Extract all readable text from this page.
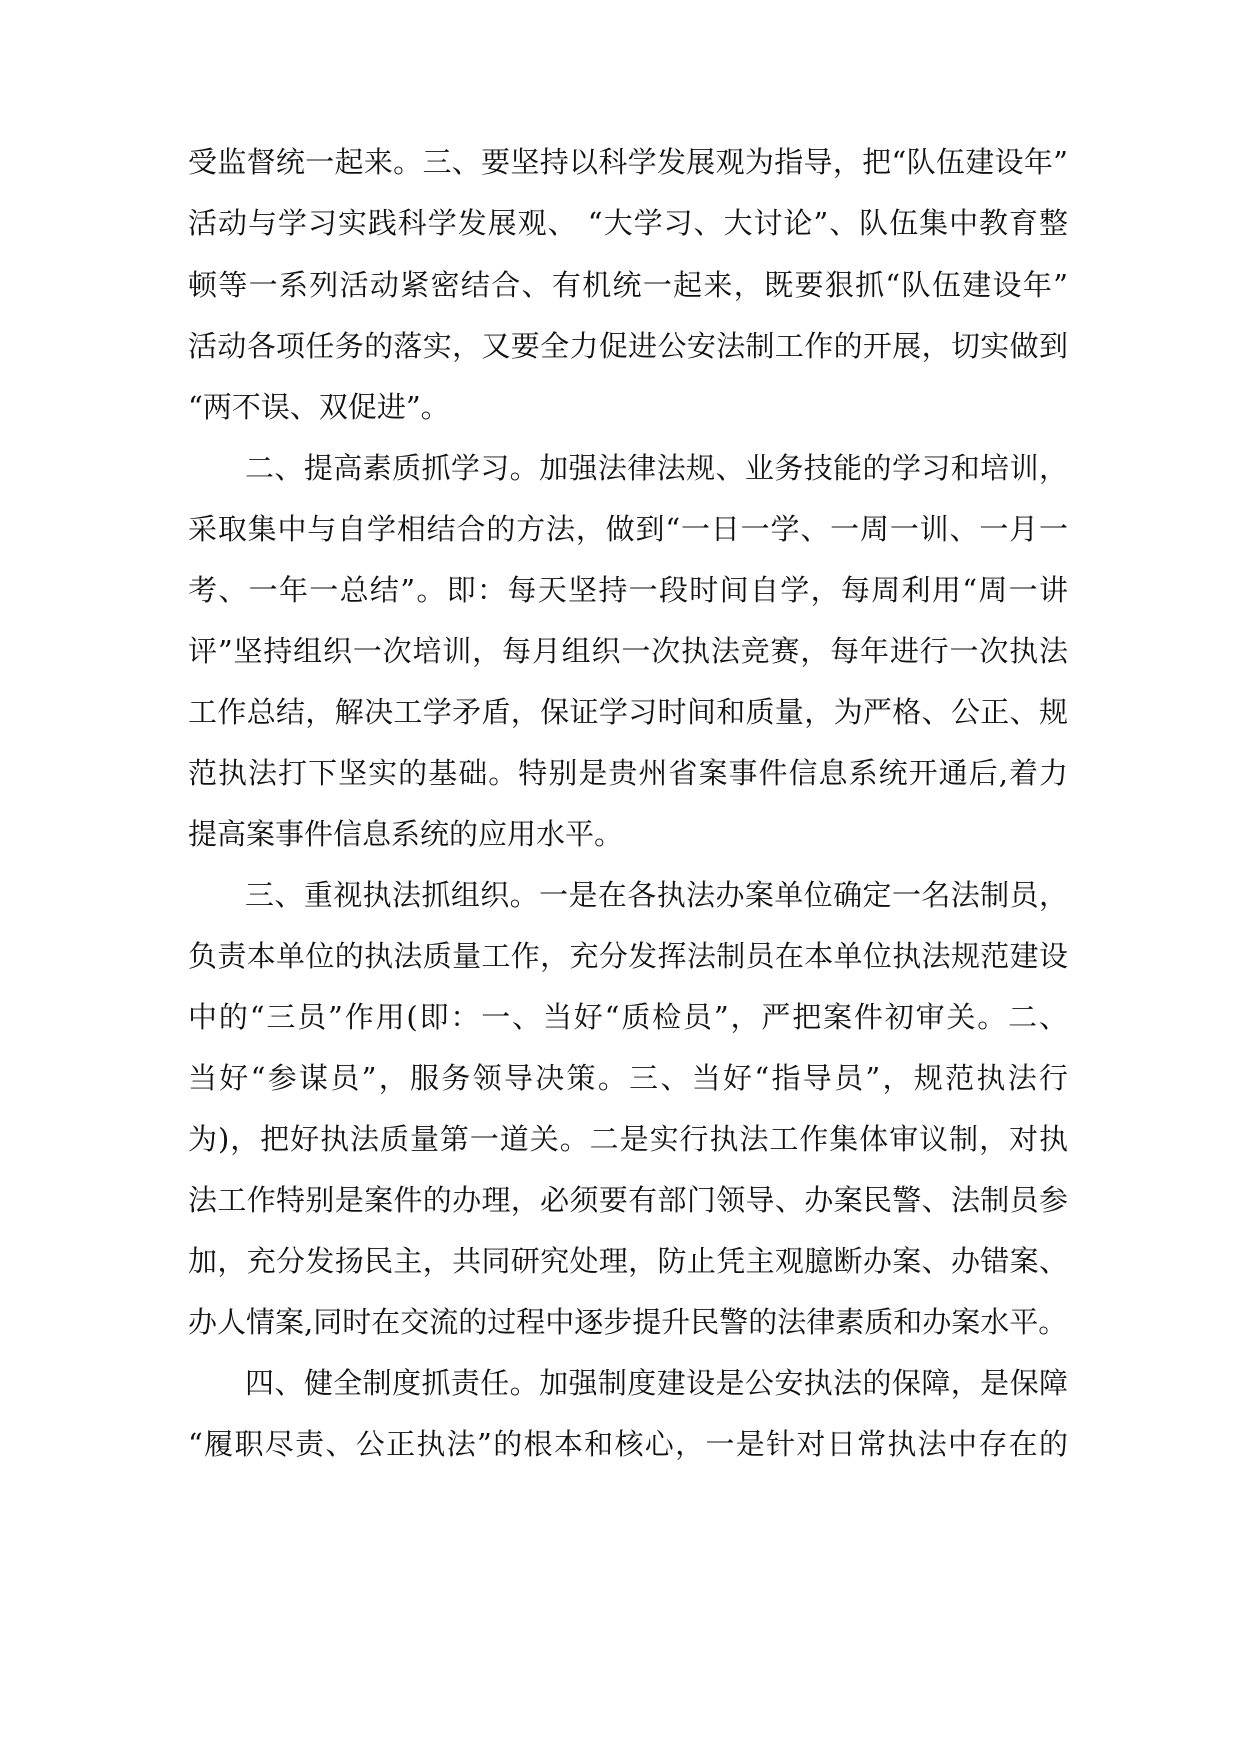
受监督统一起来。三、要坚持以科学发展观为指导，把“队伍建设年”
活动与学习实践科学发展观、 “大学习、大讨论”、队伍集中教育整
顿等一系列活动紧密结合、有机统一起来，既要狠抓“队伍建设年”
活动各项任务的落实，又要全力促进公安法制工作的开展，切实做到
“两不误、双促进”。
二、提高素质抓学习。加强法律法规、业务技能的学习和培训，
采取集中与自学相结合的方法，做到“一日一学、一周一训、一月一
考、一年一总结”。即：每天坚持一段时间自学，每周利用“周一讲
评”坚持组织一次培训，每月组织一次执法竞赛，每年进行一次执法
工作总结，解决工学矛盾，保证学习时间和质量，为严格、公正、规
范执法打下坚实的基础。特别是贵州省案事件信息系统开通后,着力
提高案事件信息系统的应用水平。
三、重视执法抓组织。一是在各执法办案单位确定一名法制员，
负责本单位的执法质量工作，充分发挥法制员在本单位执法规范建设
中的“三员”作用(即：一、当好“质检员”，严把案件初审关。二、
当好“参谋员”，服务领导决策。三、当好“指导员”，规范执法行
为)，把好执法质量第一道关。二是实行执法工作集体审议制，对执
法工作特别是案件的办理，必须要有部门领导、办案民警、法制员参
加，充分发扬民主，共同研究处理，防止凭主观臆断办案、办错案、
办人情案,同时在交流的过程中逐步提升民警的法律素质和办案水平。
四、健全制度抓责任。加强制度建设是公安执法的保障，是保障
“履职尽责、公正执法”的根本和核心，一是针对日常执法中存在的
